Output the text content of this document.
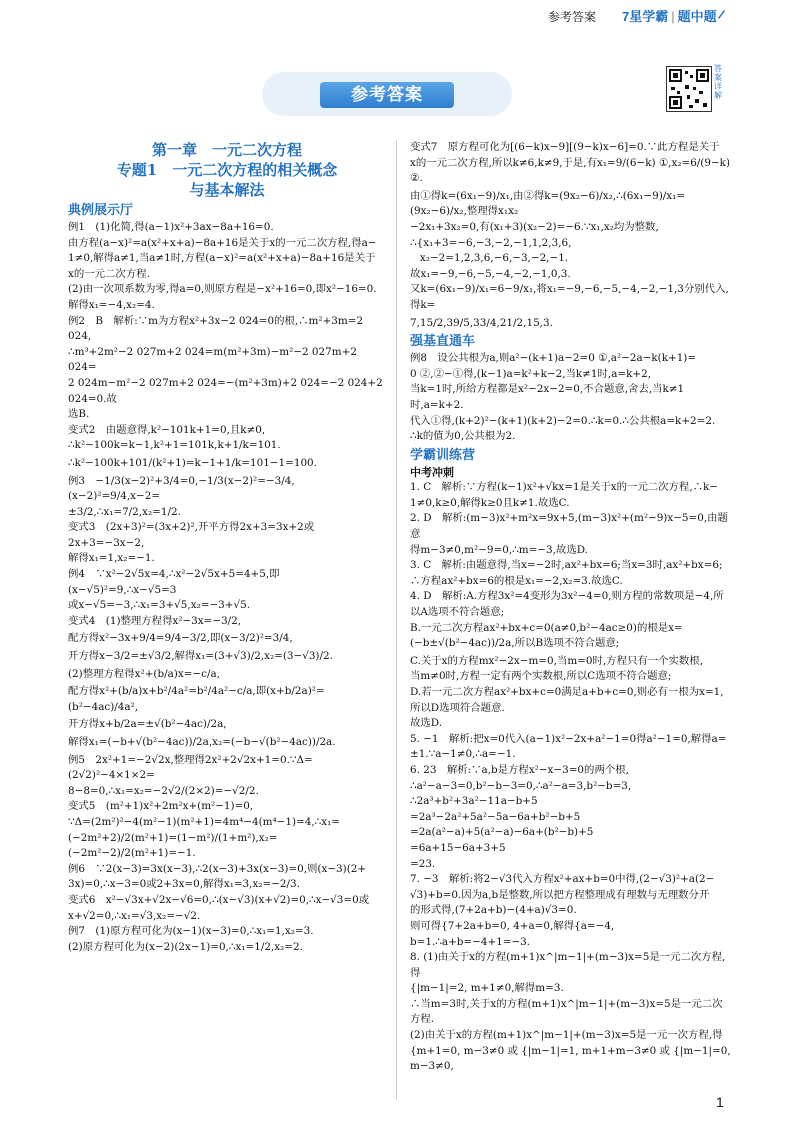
参考答案 7星学霸 | 题中题
参考答案
答案详解
第一章　一元二次方程
专题1　一元二次方程的相关概念
与基本解法
典例展示厅
例1　(1)化简,得(a−1)x²+3ax−8a+16=0.
由方程(a−x)²=a(x²+x+a)−8a+16是关于x的一元二次方程,得a−
1≠0,解得a≠1,当a≠1时,方程(a−x)²=a(x²+x+a)−8a+16是关于
x的一元二次方程.
(2)由一次项系数为零,得a=0,则原方程是−x²+16=0,即x²−16=0.
解得x₁=−4,x₂=4.
例2　B　解析:∵m为方程x²+3x−2 024=0的根,∴m²+3m=2 024,
∴m³+2m²−2 027m+2 024=m(m²+3m)−m²−2 027m+2 024=
2 024m−m²−2 027m+2 024=−(m²+3m)+2 024=−2 024+2 024=0.故
选B.
变式2　由题意得,k²−101k+1=0,且k≠0,
∴k²−100k=k−1,k²+1=101k,k+1/k=101.
∴k²−100k+101/(k²+1)=k−1+1/k=101−1=100.
例3　−1/3(x−2)²+3/4=0,−1/3(x−2)²=−3/4,(x−2)²=9/4,x−2=
±3/2,∴x₁=7/2,x₂=1/2.
变式3　(2x+3)²=(3x+2)²,开平方得2x+3=3x+2或2x+3=−3x−2,
解得x₁=1,x₂=−1.
例4　∵x²−2√5x=4,∴x²−2√5x+5=4+5,即(x−√5)²=9,∴x−√5=3
或x−√5=−3,∴x₁=3+√5,x₂=−3+√5.
变式4　(1)整理方程得x²−3x=−3/2,
配方得x²−3x+9/4=9/4−3/2,即(x−3/2)²=3/4,
开方得x−3/2=±√3/2,解得x₁=(3+√3)/2,x₂=(3−√3)/2.
(2)整理方程得x²+(b/a)x=−c/a,
配方得x²+(b/a)x+b²/4a²=b²/4a²−c/a,即(x+b/2a)²=(b²−4ac)/4a²,
开方得x+b/2a=±√(b²−4ac)/2a,
解得x₁=(−b+√(b²−4ac))/2a,x₂=(−b−√(b²−4ac))/2a.
例5　2x²+1=−2√2x,整理得2x²+2√2x+1=0.∵Δ=(2√2)²−4×1×2=
8−8=0,∴x₁=x₂=−2√2/(2×2)=−√2/2.
变式5　(m²+1)x²+2m²x+(m²−1)=0,
∵Δ=(2m²)²−4(m²−1)(m²+1)=4m⁴−4(m⁴−1)=4,∴x₁=
(−2m²+2)/2(m²+1)=(1−m²)/(1+m²),x₂=(−2m²−2)/2(m²+1)=−1.
例6　∵2(x−3)=3x(x−3),∴2(x−3)+3x(x−3)=0,则(x−3)(2+
3x)=0,∴x−3=0或2+3x=0,解得x₁=3,x₂=−2/3.
变式6　x²−√3x+√2x−√6=0,∴(x−√3)(x+√2)=0,∴x−√3=0或
x+√2=0,∴x₁=√3,x₂=−√2.
例7　(1)原方程可化为(x−1)(x−3)=0,∴x₁=1,x₂=3.
(2)原方程可化为(x−2)(2x−1)=0,∴x₁=1/2,x₂=2.
变式7　原方程可化为[(6−k)x−9][(9−k)x−6]=0.∵此方程是关于
x的一元二次方程,所以k≠6,k≠9,于是,有x₁=9/(6−k) ①,x₂=6/(9−k) ②.
由①得k=(6x₁−9)/x₁,由②得k=(9x₂−6)/x₂,∴(6x₁−9)/x₁=(9x₂−6)/x₂,整理得x₁x₂
−2x₁+3x₂=0,有(x₁+3)(x₂−2)=−6.∵x₁,x₂均为整数,
∴{x₁+3=−6,−3,−2,−1,1,2,3,6,
x₂−2=1,2,3,6,−6,−3,−2,−1.
故x₁=−9,−6,−5,−4,−2,−1,0,3.
又k=(6x₁−9)/x₁=6−9/x₁,将x₁=−9,−6,−5,−4,−2,−1,3分别代入,得k=
7,15/2,39/5,33/4,21/2,15,3.
强基直通车
例8　设公共根为a,则a²−(k+1)a−2=0 ①,a²−2a−k(k+1)=
0 ②,②−①得,(k−1)a=k²+k−2,当k≠1时,a=k+2,
当k=1时,所给方程都是x²−2x−2=0,不合题意,舍去,当k≠1时,a=k+2.
代入①得,(k+2)²−(k+1)(k+2)−2=0.∴k=0.∴公共根a=k+2=2.
∴k的值为0,公共根为2.
学霸训练营
中考冲刺
1. C　解析:∵方程(k−1)x²+√kx=1是关于x的一元二次方程,∴k−
1≠0,k≥0,解得k≥0且k≠1.故选C.
2. D　解析:(m−3)x²+m²x=9x+5,(m−3)x²+(m²−9)x−5=0,由题意
得m−3≠0,m²−9=0,∴m=−3,故选D.
3. C　解析:由题意得,当x=−2时,ax²+bx=6;当x=3时,ax²+bx=6;
∴方程ax²+bx=6的根是x₁=−2,x₂=3.故选C.
4. D　解析:A.方程3x²=4变形为3x²−4=0,则方程的常数项是−4,所
以A选项不符合题意;
B.一元二次方程ax²+bx+c=0(a≠0,b²−4ac≥0)的根是x=
(−b±√(b²−4ac))/2a,所以B选项不符合题意;
C.关于x的方程mx²−2x−m=0,当m=0时,方程只有一个实数根,
当m≠0时,方程一定有两个实数根,所以C选项不符合题意;
D.若一元二次方程ax²+bx+c=0满足a+b+c=0,则必有一根为x=1,
所以D选项符合题意.
故选D.
5. −1　解析:把x=0代入(a−1)x²−2x+a²−1=0得a²−1=0,解得a=
±1.∵a−1≠0,∴a=−1.
6. 23　解析:∵a,b是方程x²−x−3=0的两个根,
∴a²−a−3=0,b²−b−3=0,∴a²−a=3,b²−b=3,
∴2a³+b²+3a²−11a−b+5
=2a³−2a²+5a²−5a−6a+b²−b+5
=2a(a²−a)+5(a²−a)−6a+(b²−b)+5
=6a+15−6a+3+5
=23.
7. −3　解析:将2−√3代入方程x²+ax+b=0中得,(2−√3)²+a(2−
√3)+b=0.因为a,b是整数,所以把方程整理成有理数与无理数分开
的形式得,(7+2a+b)−(4+a)√3=0.
则可得{7+2a+b=0, 4+a=0,解得{a=−4, b=1.∴a+b=−4+1=−3.
8. (1)由关于x的方程(m+1)x^|m−1|+(m−3)x=5是一元二次方程,得
{|m−1|=2, m+1≠0,解得m=3.
∴当m=3时,关于x的方程(m+1)x^|m−1|+(m−3)x=5是一元二次方程.
(2)由关于x的方程(m+1)x^|m−1|+(m−3)x=5是一元一次方程,得
{m+1=0, m−3≠0 或 {|m−1|=1, m+1+m−3≠0 或 {|m−1|=0, m−3≠0,
1
